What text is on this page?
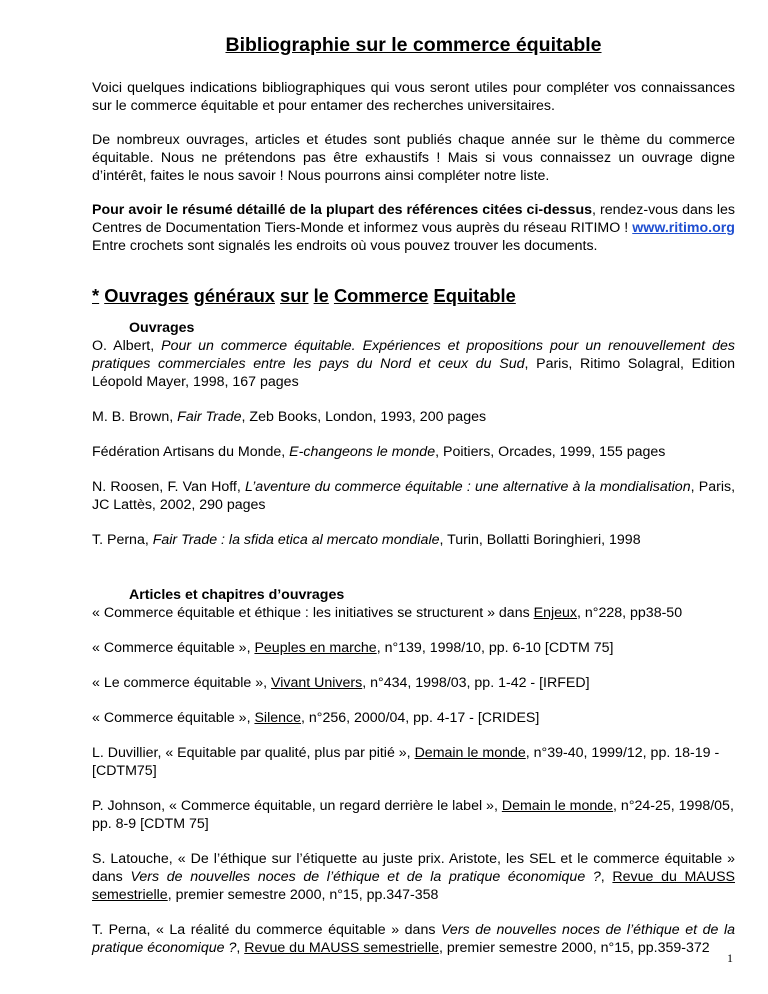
Bibliographie sur le commerce équitable

Voici quelques indications bibliographiques qui vous seront utiles pour compléter vos connaissances sur le commerce équitable et pour entamer des recherches universitaires.

De nombreux ouvrages, articles et études sont publiés chaque année sur le thème du commerce équitable. Nous ne prétendons pas être exhaustifs ! Mais si vous connaissez un ouvrage digne d’intérêt, faites le nous savoir ! Nous pourrons ainsi compléter notre liste.

Pour avoir le résumé détaillé de la plupart des références citées ci-dessus, rendez-vous dans les Centres de Documentation Tiers-Monde et informez vous auprès du réseau RITIMO ! www.ritimo.org Entre crochets sont signalés les endroits où vous pouvez trouver les documents.

* Ouvrages généraux sur le Commerce Equitable

Ouvrages

O. Albert, Pour un commerce équitable. Expériences et propositions pour un renouvellement des pratiques commerciales entre les pays du Nord et ceux du Sud, Paris, Ritimo Solagral, Edition Léopold Mayer, 1998, 167 pages

M. B. Brown, Fair Trade, Zeb Books, London, 1993, 200 pages

Fédération Artisans du Monde, E-changeons le monde, Poitiers, Orcades, 1999, 155 pages

N. Roosen, F. Van Hoff, L’aventure du commerce équitable : une alternative à la mondialisation, Paris, JC Lattès, 2002, 290 pages

T. Perna, Fair Trade : la sfida etica al mercato mondiale, Turin, Bollatti Boringhieri, 1998

Articles et chapitres d’ouvrages

« Commerce équitable et éthique : les initiatives se structurent » dans Enjeux, n°228, pp38-50

« Commerce équitable », Peuples en marche, n°139, 1998/10, pp. 6-10 [CDTM 75]

« Le commerce équitable », Vivant Univers, n°434, 1998/03, pp. 1-42 - [IRFED]

« Commerce équitable », Silence, n°256, 2000/04, pp. 4-17 - [CRIDES]

L. Duvillier, « Equitable par qualité, plus par pitié », Demain le monde, n°39-40, 1999/12, pp. 18-19 - [CDTM75]

P. Johnson, « Commerce équitable, un regard derrière le label », Demain le monde, n°24-25, 1998/05, pp. 8-9 [CDTM 75]

S. Latouche, « De l’éthique sur l’étiquette au juste prix. Aristote, les SEL et le commerce équitable » dans Vers de nouvelles noces de l’éthique et de la pratique économique ?, Revue du MAUSS semestrielle, premier semestre 2000, n°15, pp.347-358

T. Perna, « La réalité du commerce équitable » dans Vers de nouvelles noces de l’éthique et de la pratique économique ?, Revue du MAUSS semestrielle, premier semestre 2000, n°15, pp.359-372

1
